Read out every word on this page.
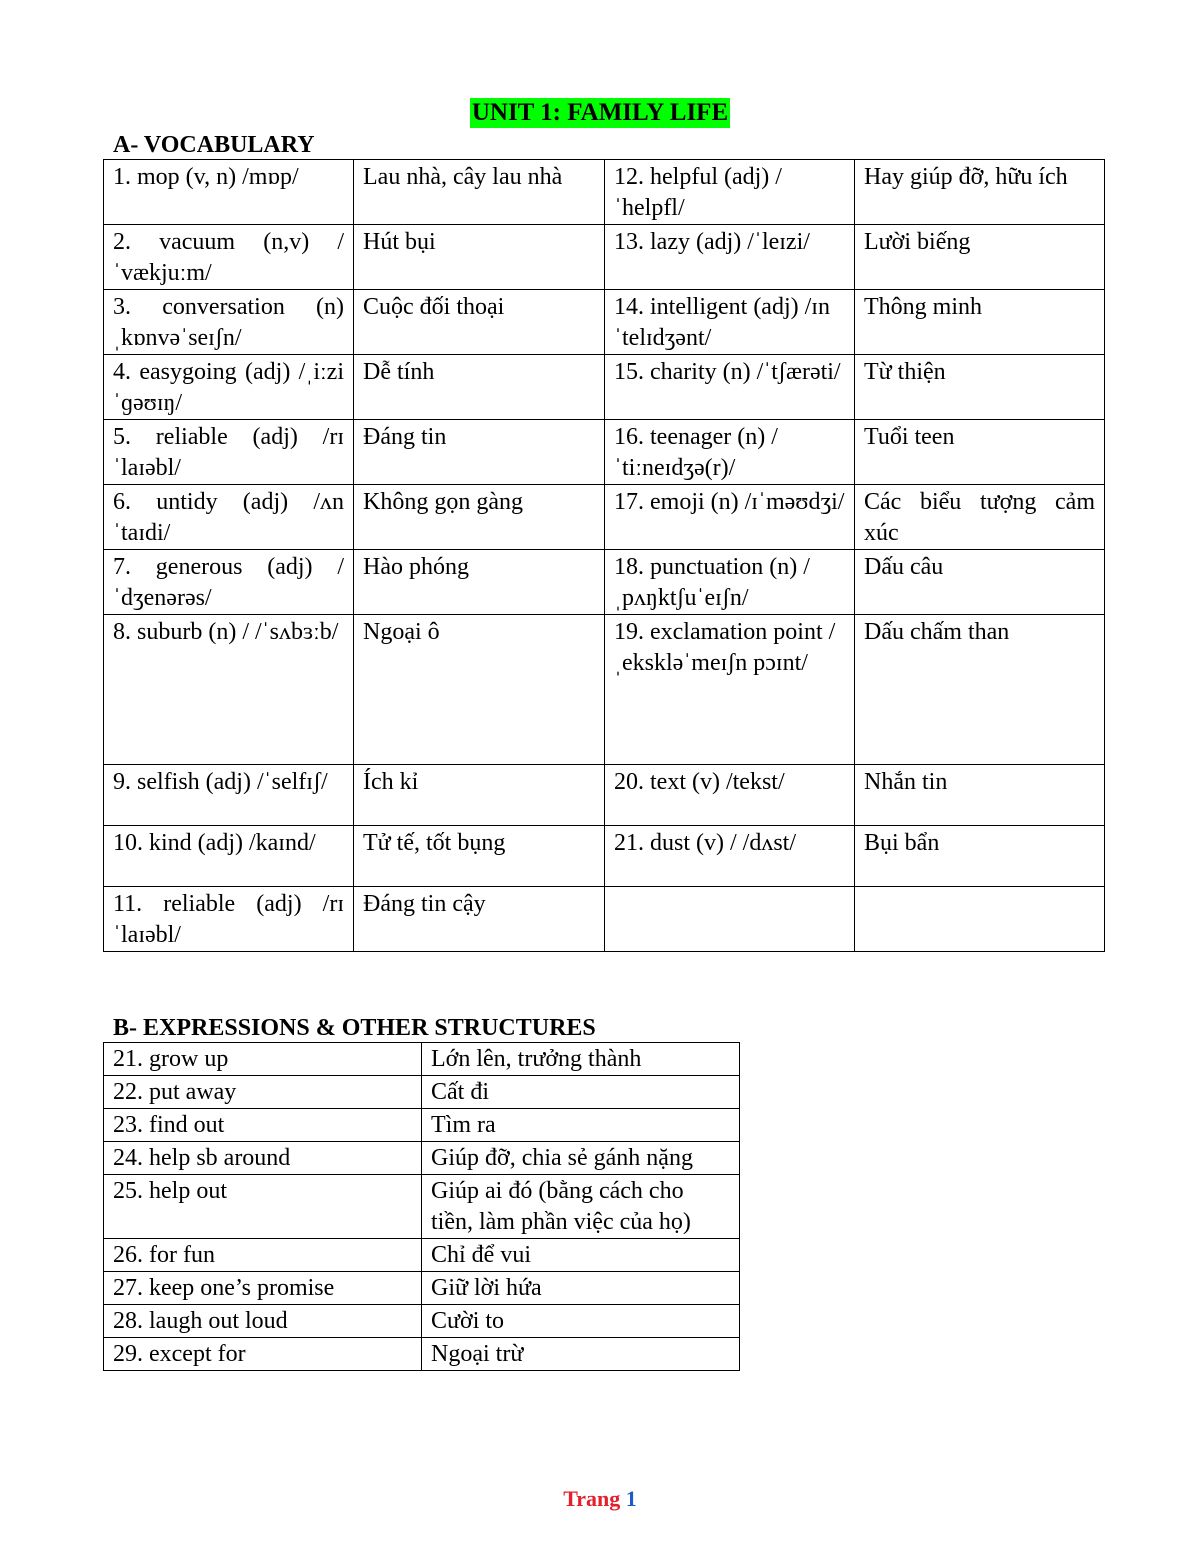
UNIT 1: FAMILY LIFE
A- VOCABULARY
1. mop (v, n) /mɒp/	Lau nhà, cây lau nhà	12. helpful (adj) /ˈhelpfl/	Hay giúp đỡ, hữu ích
2. vacuum (n,v) /ˈvækjuːm/	Hút bụi	13. lazy (adj) /ˈleɪzi/	Lười biếng
3. conversation (n) ˌkɒnvəˈseɪʃn/	Cuộc đối thoại	14. intelligent (adj) /ɪnˈtelɪdʒənt/	Thông minh
4. easygoing (adj) /ˌiːzi ˈɡəʊɪŋ/	Dễ tính	15. charity (n) /ˈtʃærəti/	Từ thiện
5. reliable (adj) /rɪ ˈlaɪəbl/	Đáng tin	16. teenager (n) /ˈtiːneɪdʒə(r)/	Tuổi teen
6. untidy (adj) /ʌn ˈtaɪdi/	Không gọn gàng	17. emoji (n) /ɪˈməʊdʒi/	Các biểu tượng cảm xúc
7. generous (adj) /ˈdʒenərəs/	Hào phóng	18. punctuation (n) /ˌpʌŋktʃuˈeɪʃn/	Dấu câu
8. suburb (n) / /ˈsʌbɜːb/	Ngoại ô	19. exclamation point /ˌekskləˈmeɪʃn pɔɪnt/	Dấu chấm than
9. selfish (adj) /ˈselfɪʃ/	Ích kỉ	20. text (v) /tekst/	Nhắn tin
10. kind (adj) /kaɪnd/	Tử tế, tốt bụng	21. dust (v) / /dʌst/	Bụi bẩn
11. reliable (adj) /rɪˈlaɪəbl/	Đáng tin cậy		
B- EXPRESSIONS & OTHER STRUCTURES
21. grow up	Lớn lên, trưởng thành
22. put away	Cất đi
23. find out	Tìm ra
24. help sb around	Giúp đỡ, chia sẻ gánh nặng
25. help out	Giúp ai đó (bằng cách cho tiền, làm phần việc của họ)
26. for fun	Chỉ để vui
27. keep one’s promise	Giữ lời hứa
28. laugh out loud	Cười to
29. except for	Ngoại trừ
Trang 1
